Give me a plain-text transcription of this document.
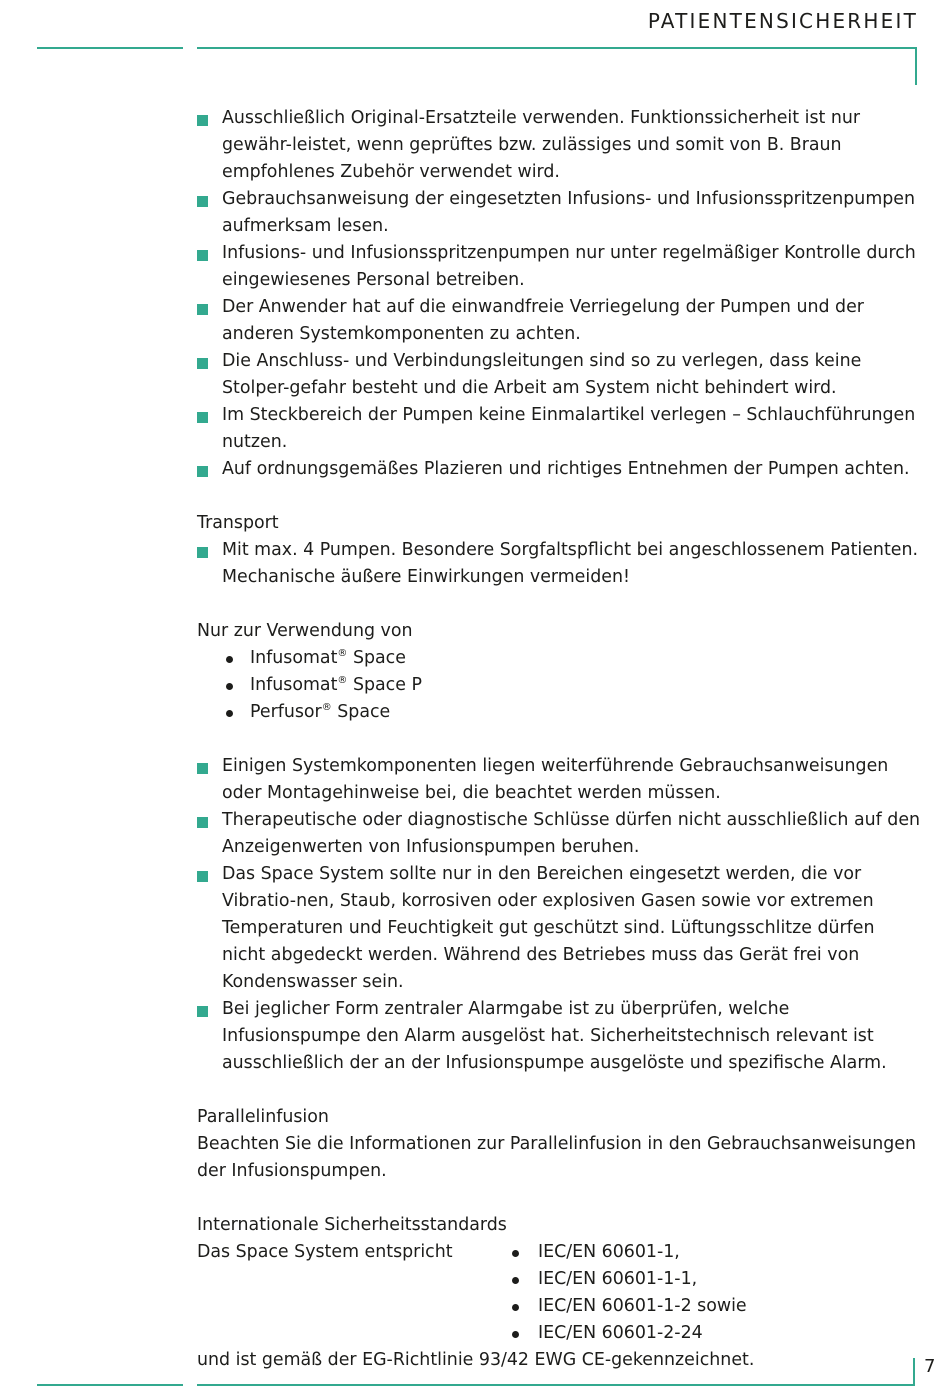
PATIENTENSICHERHEIT
Ausschließlich Original-Ersatzteile verwenden. Funktionssicherheit ist nur gewähr-leistet, wenn geprüftes bzw. zulässiges und somit von B. Braun empfohlenes Zubehör verwendet wird.
Gebrauchsanweisung der eingesetzten Infusions- und Infusionsspritzenpumpen aufmerksam lesen.
Infusions- und Infusionsspritzenpumpen nur unter regelmäßiger Kontrolle durch eingewiesenes Personal betreiben.
Der Anwender hat auf die einwandfreie Verriegelung der Pumpen und der anderen Systemkomponenten zu achten.
Die Anschluss- und Verbindungsleitungen sind so zu verlegen, dass keine Stolper-gefahr besteht und die Arbeit am System nicht behindert wird.
Im Steckbereich der Pumpen keine Einmalartikel verlegen – Schlauchführungen nutzen.
Auf ordnungsgemäßes Plazieren und richtiges Entnehmen der Pumpen achten.
Transport
Mit max. 4 Pumpen. Besondere Sorgfaltspflicht bei angeschlossenem Patienten. Mechanische äußere Einwirkungen vermeiden!
Nur zur Verwendung von
Infusomat® Space
Infusomat® Space P
Perfusor® Space
Einigen Systemkomponenten liegen weiterführende Gebrauchsanweisungen oder Montagehinweise bei, die beachtet werden müssen.
Therapeutische oder diagnostische Schlüsse dürfen nicht ausschließlich auf den Anzeigenwerten von Infusionspumpen beruhen.
Das Space System sollte nur in den Bereichen eingesetzt werden, die vor Vibratio-nen, Staub, korrosiven oder explosiven Gasen sowie vor extremen Temperaturen und Feuchtigkeit gut geschützt sind. Lüftungsschlitze dürfen nicht abgedeckt werden. Während des Betriebes muss das Gerät frei von Kondenswasser sein.
Bei jeglicher Form zentraler Alarmgabe ist zu überprüfen, welche Infusionspumpe den Alarm ausgelöst hat. Sicherheitstechnisch relevant ist ausschließlich der an der Infusionspumpe ausgelöste und spezifische Alarm.
Parallelinfusion
Beachten Sie die Informationen zur Parallelinfusion in den Gebrauchsanweisungen der Infusionspumpen.
Internationale Sicherheitsstandards
Das Space System entspricht	IEC/EN 60601-1,
IEC/EN 60601-1-1,
IEC/EN 60601-1-2 sowie
IEC/EN 60601-2-24
und ist gemäß der EG-Richtlinie 93/42 EWG CE-gekennzeichnet.	7
